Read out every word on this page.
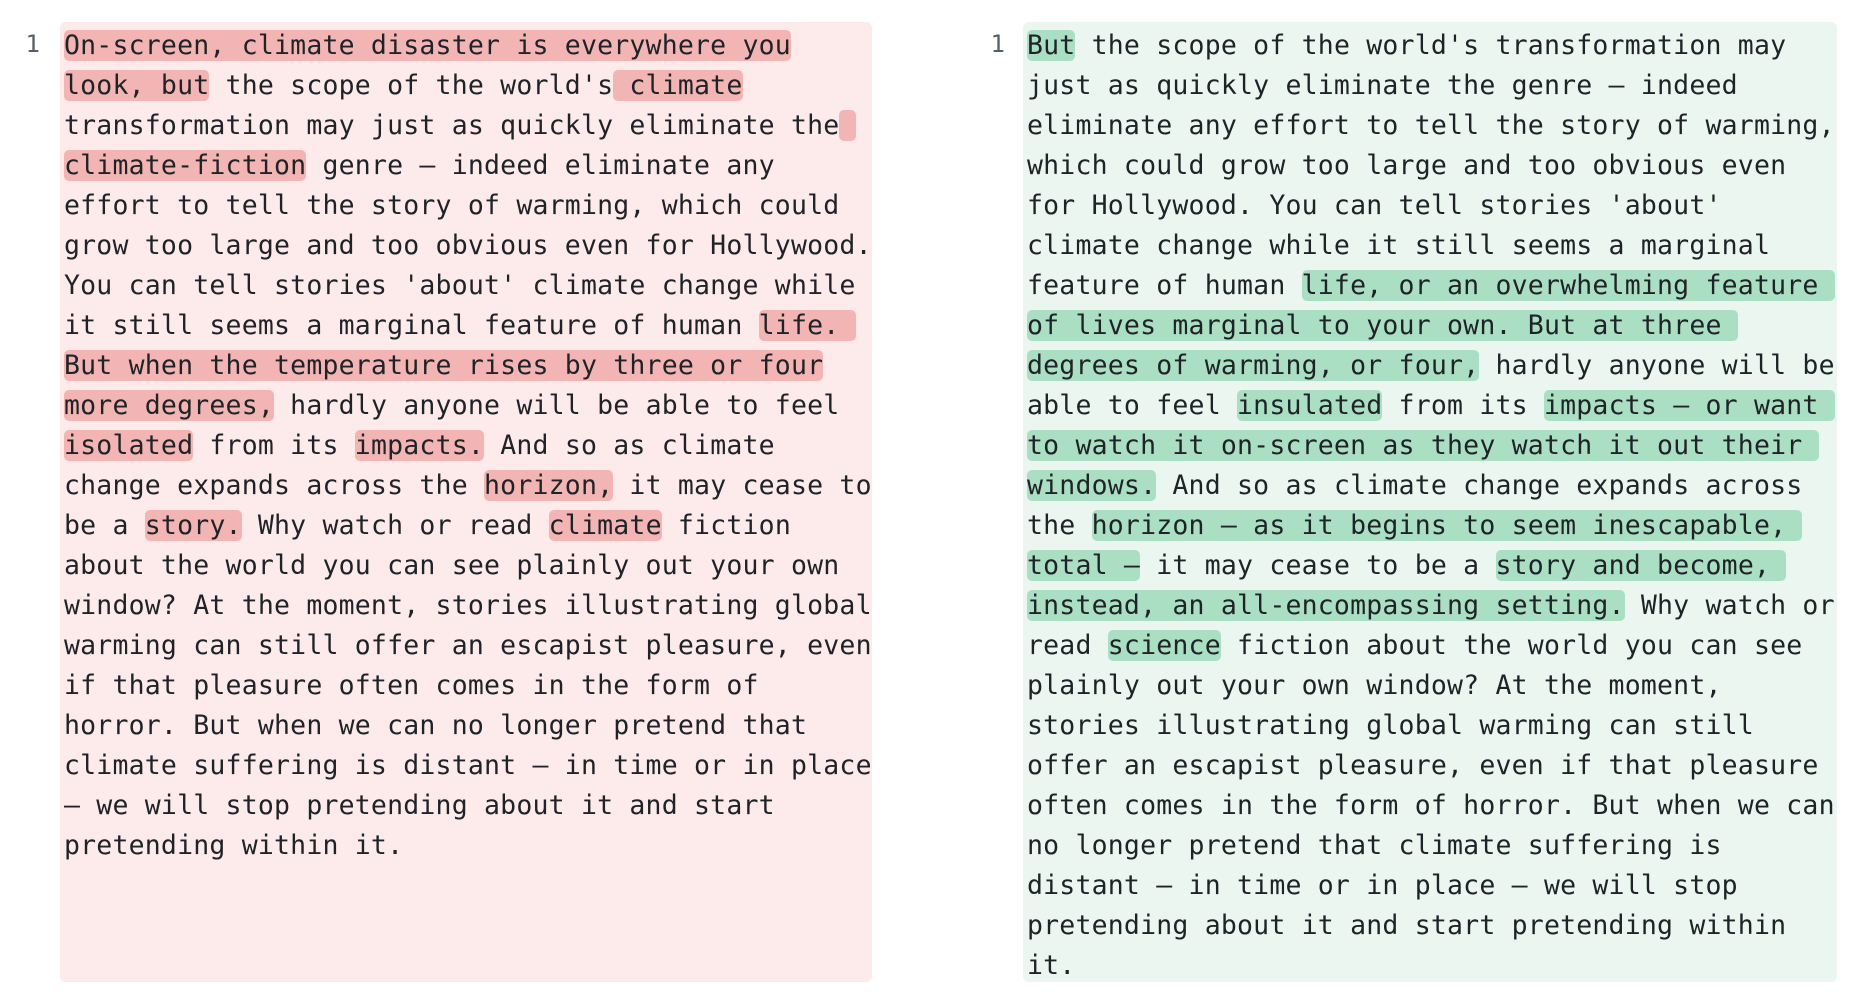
1 On-screen, climate disaster is everywhere you
look, but the scope of the world's climate
transformation may just as quickly eliminate the
climate-fiction genre — indeed eliminate any
effort to tell the story of warming, which could
grow too large and too obvious even for Hollywood.
You can tell stories 'about' climate change while
it still seems a marginal feature of human life.
But when the temperature rises by three or four
more degrees, hardly anyone will be able to feel
isolated from its impacts. And so as climate
change expands across the horizon, it may cease to
be a story. Why watch or read climate fiction
about the world you can see plainly out your own
window? At the moment, stories illustrating global
warming can still offer an escapist pleasure, even
if that pleasure often comes in the form of
horror. But when we can no longer pretend that
climate suffering is distant — in time or in place
— we will stop pretending about it and start
pretending within it.
1 But the scope of the world's transformation may
just as quickly eliminate the genre — indeed
eliminate any effort to tell the story of warming,
which could grow too large and too obvious even
for Hollywood. You can tell stories 'about'
climate change while it still seems a marginal
feature of human life, or an overwhelming feature
of lives marginal to your own. But at three
degrees of warming, or four, hardly anyone will be
able to feel insulated from its impacts — or want
to watch it on-screen as they watch it out their
windows. And so as climate change expands across
the horizon — as it begins to seem inescapable,
total — it may cease to be a story and become,
instead, an all-encompassing setting. Why watch or
read science fiction about the world you can see
plainly out your own window? At the moment,
stories illustrating global warming can still
offer an escapist pleasure, even if that pleasure
often comes in the form of horror. But when we can
no longer pretend that climate suffering is
distant — in time or in place — we will stop
pretending about it and start pretending within
it.
